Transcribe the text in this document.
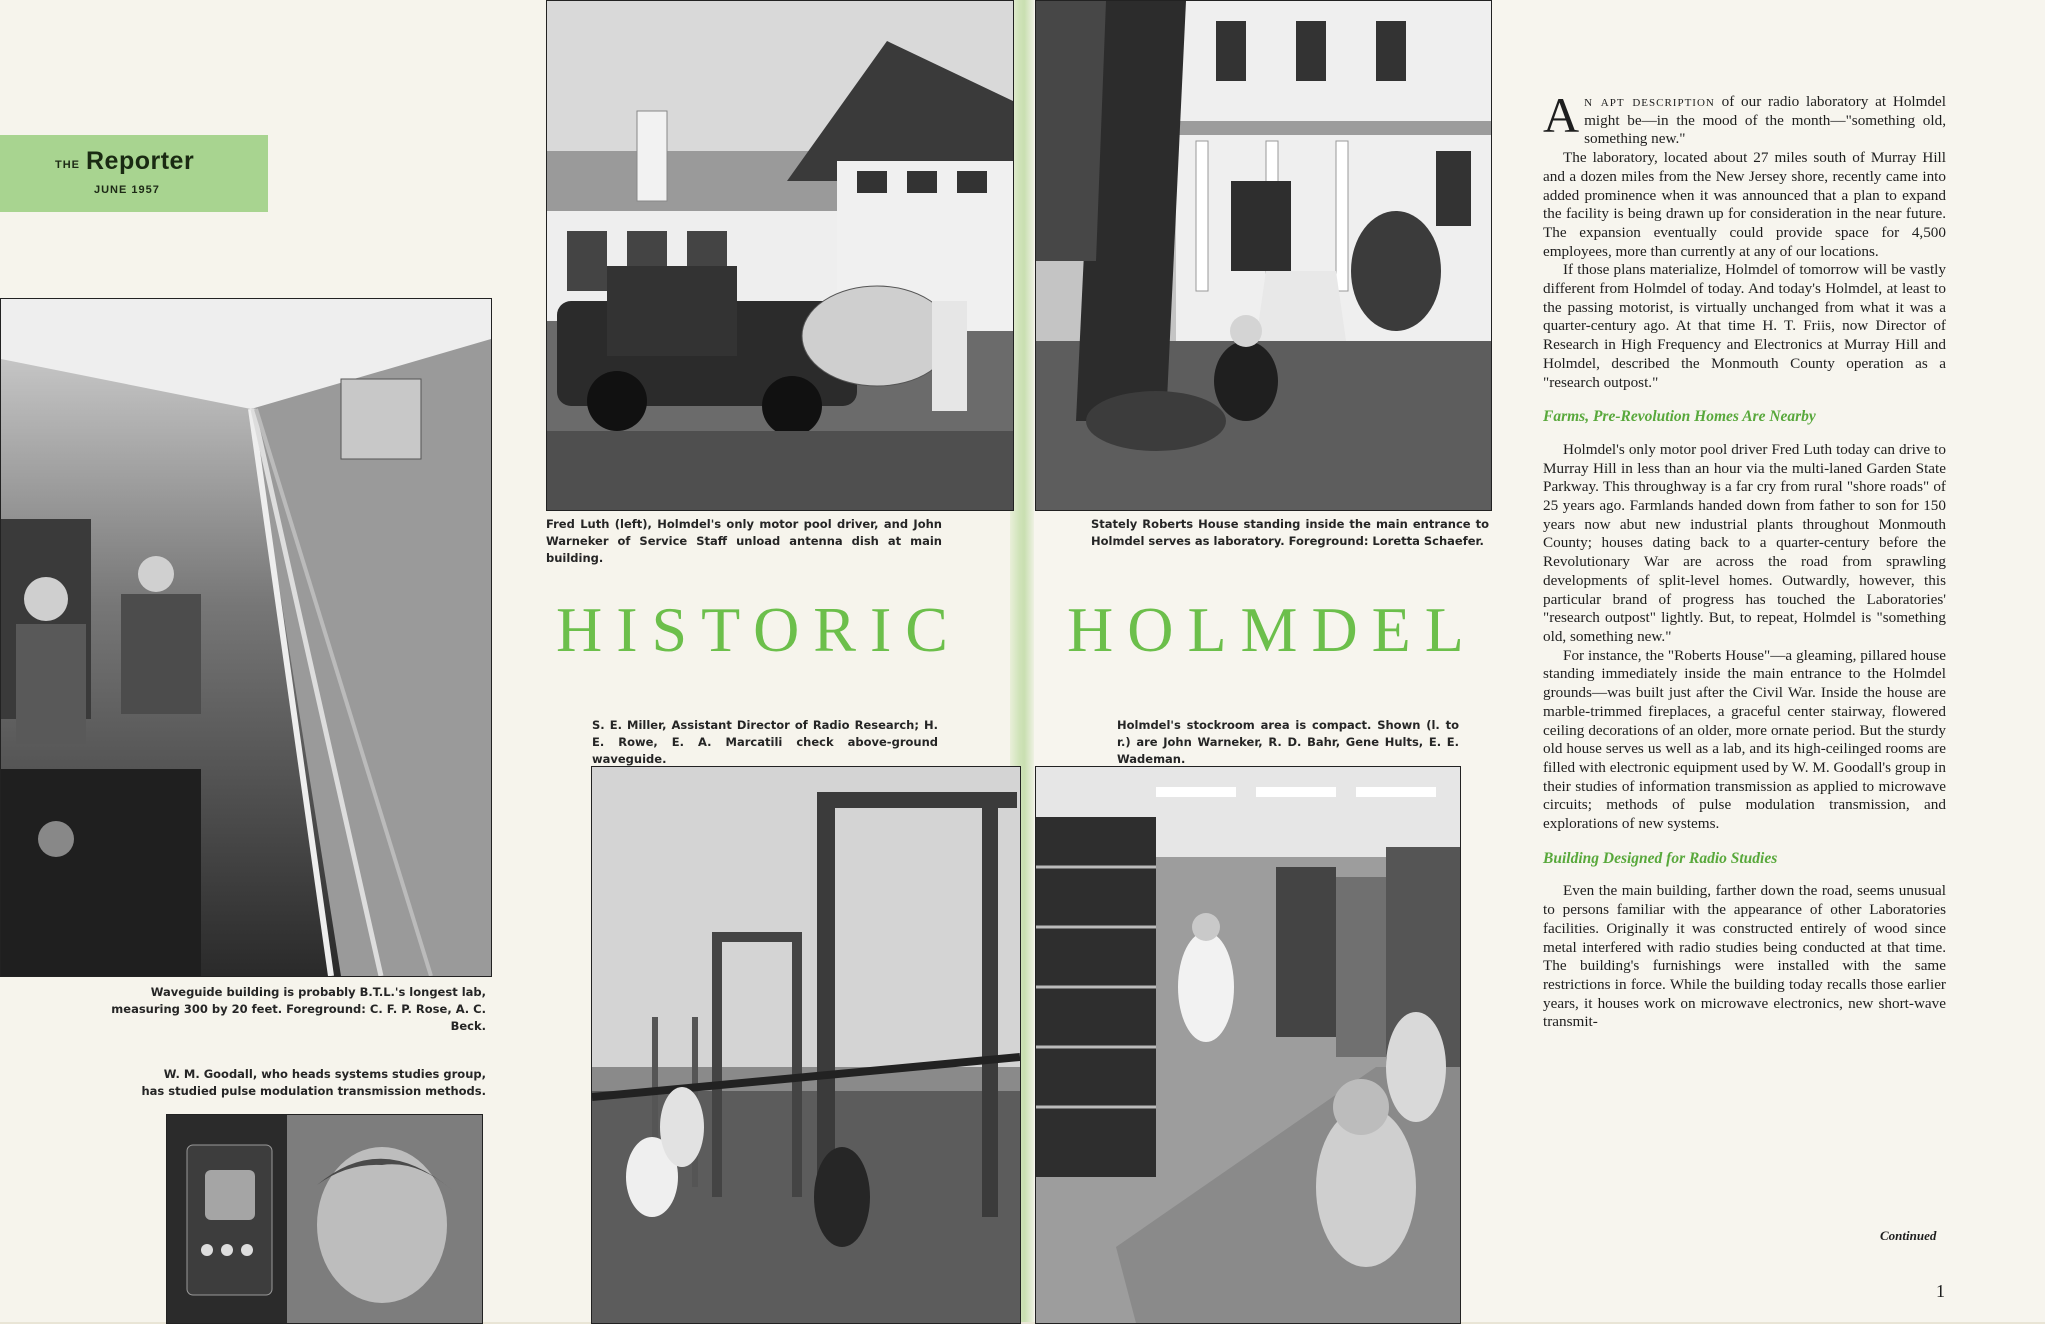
THE Reporter
JUNE 1957
Waveguide building is probably B.T.L.'s longest lab, measuring 300 by 20 feet. Foreground: C. F. P. Rose, A. C. Beck.
W. M. Goodall, who heads systems studies group, has studied pulse modulation transmission methods.
Fred Luth (left), Holmdel's only motor pool driver, and John Warneker of Service Staff unload antenna dish at main building.
HISTORIC HOLMDEL
S. E. Miller, Assistant Director of Radio Research; H. E. Rowe, E. A. Marcatili check above-ground waveguide.
Stately Roberts House standing inside the main entrance to Holmdel serves as laboratory. Foreground: Loretta Schaefer.
Holmdel's stockroom area is compact. Shown (l. to r.) are John Warneker, R. D. Bahr, Gene Hults, E. E. Wademan.

An apt description of our radio laboratory at Holmdel might be—in the mood of the month—"something old, something new."

The laboratory, located about 27 miles south of Murray Hill and a dozen miles from the New Jersey shore, recently came into added prominence when it was announced that a plan to expand the facility is being drawn up for consideration in the near future. The expansion eventually could provide space for 4,500 employees, more than currently at any of our locations.

If those plans materialize, Holmdel of tomorrow will be vastly different from Holmdel of today. And today's Holmdel, at least to the passing motorist, is virtually unchanged from what it was a quarter-century ago. At that time H. T. Friis, now Director of Research in High Frequency and Electronics at Murray Hill and Holmdel, described the Monmouth County operation as a "research outpost."

Farms, Pre-Revolution Homes Are Nearby

Holmdel's only motor pool driver Fred Luth today can drive to Murray Hill in less than an hour via the multi-laned Garden State Parkway. This throughway is a far cry from rural "shore roads" of 25 years ago. Farmlands handed down from father to son for 150 years now abut new industrial plants throughout Monmouth County; houses dating back to a quarter-century before the Revolutionary War are across the road from sprawling developments of split-level homes. Outwardly, however, this particular brand of progress has touched the Laboratories' "research outpost" lightly. But, to repeat, Holmdel is "something old, something new."

For instance, the "Roberts House"—a gleaming, pillared house standing immediately inside the main entrance to the Holmdel grounds—was built just after the Civil War. Inside the house are marble-trimmed fireplaces, a graceful center stairway, flowered ceiling decorations of an older, more ornate period. But the sturdy old house serves us well as a lab, and its high-ceilinged rooms are filled with electronic equipment used by W. M. Goodall's group in their studies of information transmission as applied to microwave circuits; methods of pulse modulation transmission, and explorations of new systems.

Building Designed for Radio Studies

Even the main building, farther down the road, seems unusual to persons familiar with the appearance of other Laboratories facilities. Originally it was constructed entirely of wood since metal interfered with radio studies being conducted at that time. The building's furnishings were installed with the same restrictions in force. While the building today recalls those earlier years, it houses work on microwave electronics, new short-wave transmit-

Continued
1
